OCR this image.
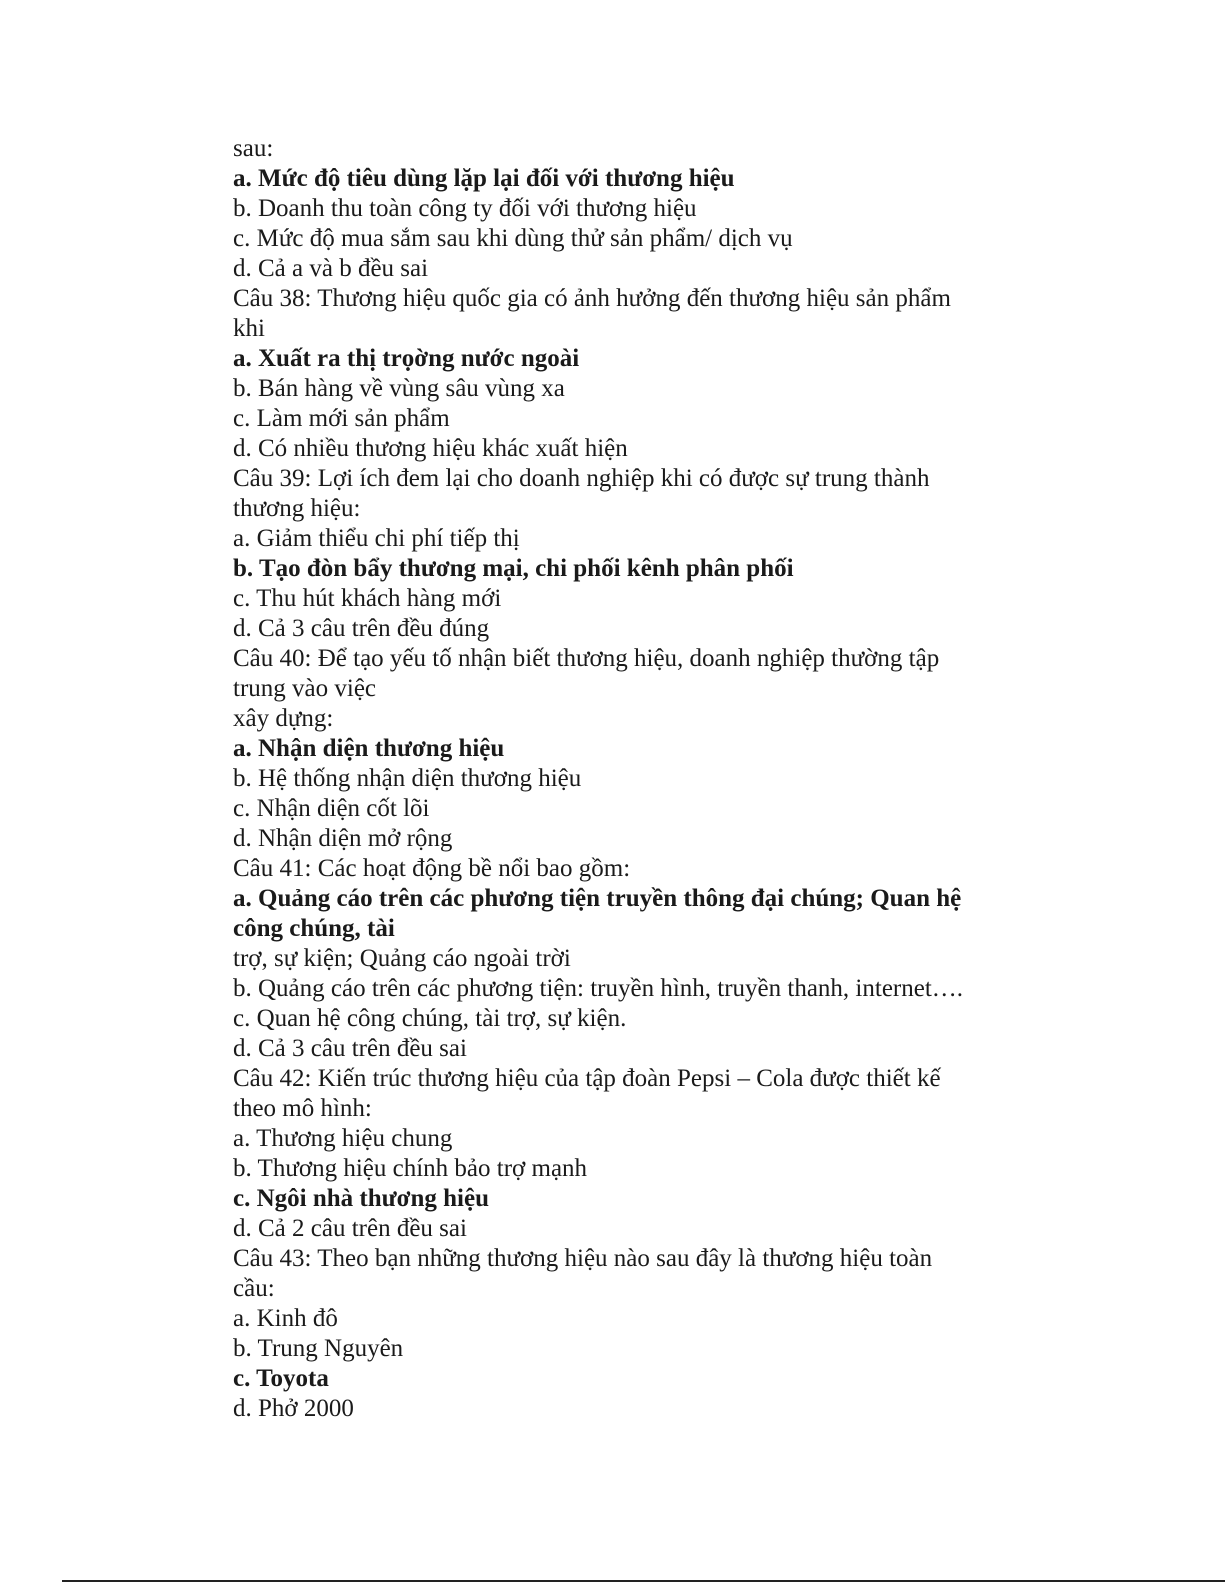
sau:
a. Mức độ tiêu dùng lặp lại đối với thương hiệu
b. Doanh thu toàn công ty đối với thương hiệu
c. Mức độ mua sắm sau khi dùng thử sản phẩm/ dịch vụ
d. Cả a và b đều sai
Câu 38: Thương hiệu quốc gia có ảnh hưởng đến thương hiệu sản phẩm
khi
a. Xuất ra thị trọờng nước ngoài
b. Bán hàng về vùng sâu vùng xa
c. Làm mới sản phẩm
d. Có nhiều thương hiệu khác xuất hiện
Câu 39: Lợi ích đem lại cho doanh nghiệp khi có được sự trung thành
thương hiệu:
a. Giảm thiểu chi phí tiếp thị
b. Tạo đòn bẩy thương mại, chi phối kênh phân phối
c. Thu hút khách hàng mới
d. Cả 3 câu trên đều đúng
Câu 40: Để tạo yếu tố nhận biết thương hiệu, doanh nghiệp thường tập
trung vào việc
xây dựng:
a. Nhận diện thương hiệu
b. Hệ thống nhận diện thương hiệu
c. Nhận diện cốt lõi
d. Nhận diện mở rộng
Câu 41: Các hoạt động bề nổi bao gồm:
a. Quảng cáo trên các phương tiện truyền thông đại chúng; Quan hệ
công chúng, tài
trợ, sự kiện; Quảng cáo ngoài trời
b. Quảng cáo trên các phương tiện: truyền hình, truyền thanh, internet….
c. Quan hệ công chúng, tài trợ, sự kiện.
d. Cả 3 câu trên đều sai
Câu 42: Kiến trúc thương hiệu của tập đoàn Pepsi – Cola được thiết kế
theo mô hình:
a. Thương hiệu chung
b. Thương hiệu chính bảo trợ mạnh
c. Ngôi nhà thương hiệu
d. Cả 2 câu trên đều sai
Câu 43: Theo bạn những thương hiệu nào sau đây là thương hiệu toàn
cầu:
a. Kinh đô
b. Trung Nguyên
c. Toyota
d. Phở 2000
